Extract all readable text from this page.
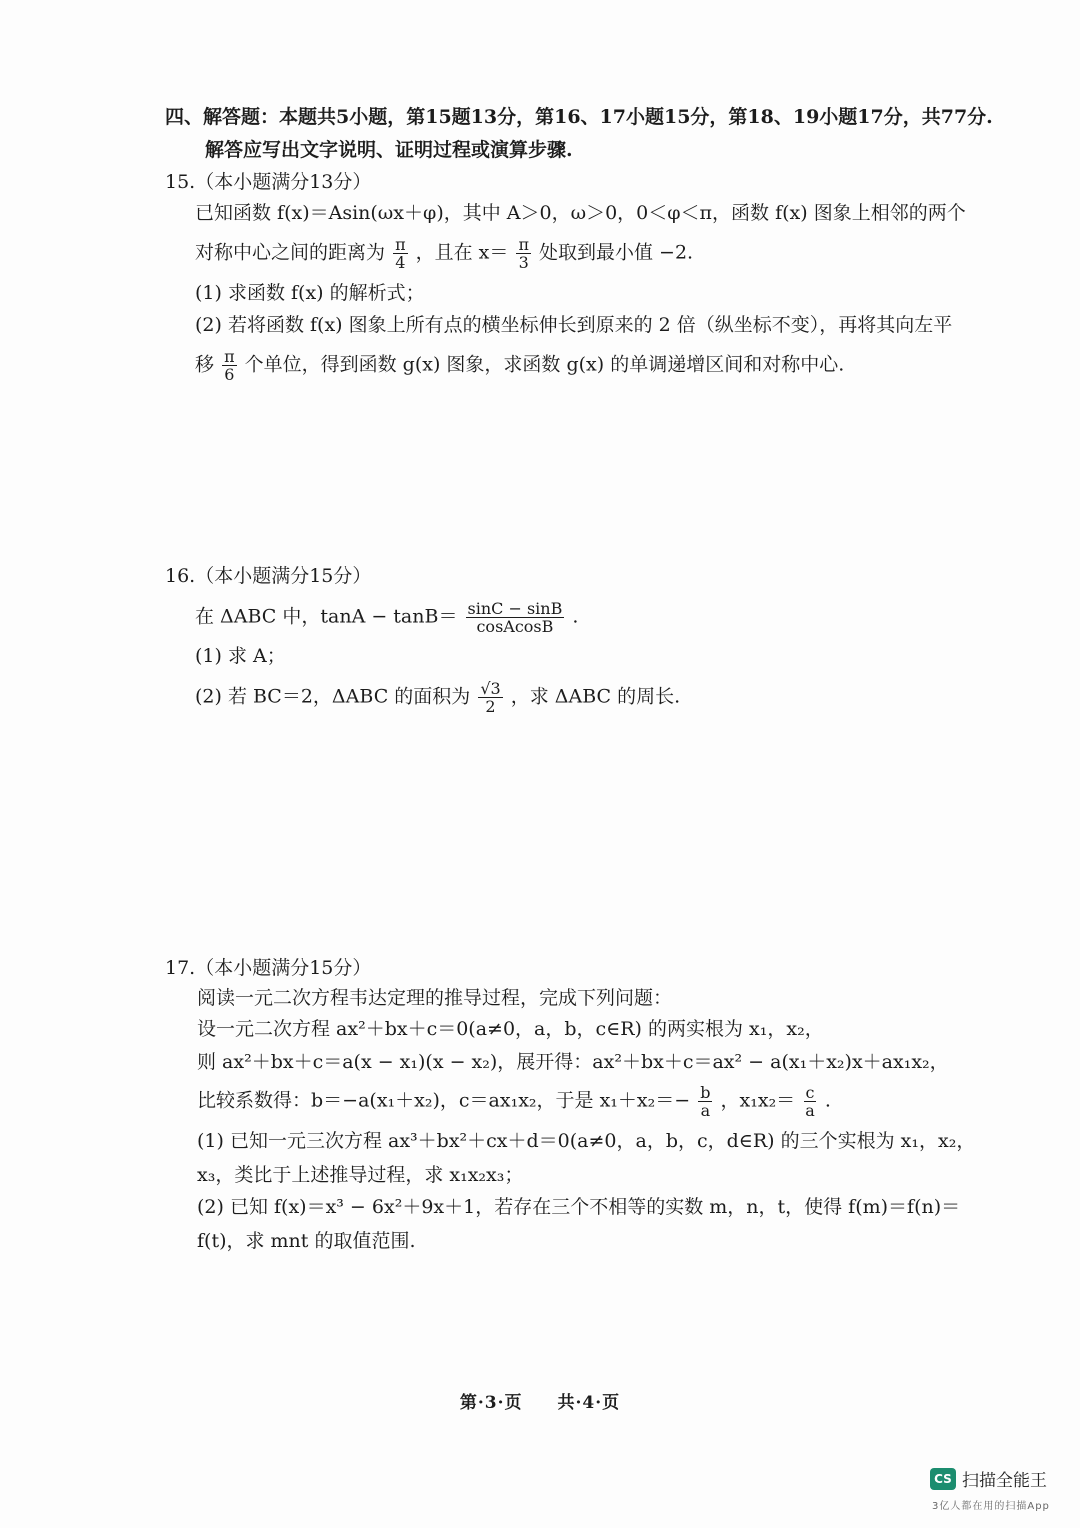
四、解答题：本题共5小题，第15题13分，第16、17小题15分，第18、19小题17分，共77分.
解答应写出文字说明、证明过程或演算步骤.
15.（本小题满分13分）
已知函数 f(x)＝Asin(ωx＋φ)，其中 A＞0，ω＞0，0＜φ＜π，函数 f(x) 图象上相邻的两个
对称中心之间的距离为 $\frac{\pi}{4}$ ，且在 $x= \frac{\pi}{3}$ 处取到最小值 −2.
(1) 求函数 f(x) 的解析式；
(2) 若将函数 f(x) 图象上所有点的横坐标伸长到原来的 2 倍（纵坐标不变），再将其向左平
移 $\frac{\pi}{6}$ 个单位，得到函数 g(x) 图象，求函数 g(x) 的单调递增区间和对称中心.
16.（本小题满分15分）
在 ΔABC 中，$\tan A - \tan B= \frac{\sin C - \sin B}{\text{cosAcosB}}$ .
(1) 求 A；
(2) 若 BC＝2，ΔABC 的面积为 $\frac{√3}{2}$ ，求 ΔABC 的周长.
17.（本小题满分15分）
阅读一元二次方程韦达定理的推导过程，完成下列问题：
设一元二次方程 ax²＋bx＋c＝0(a≠0，a，b，c∈R) 的两实根为 x₁，x₂，
则 ax²＋bx＋c＝a(x − x₁)(x − x₂)，展开得：ax²＋bx＋c＝ax² − a(x₁＋x₂)x＋ax₁x₂，
比较系数得：b＝−a(x₁＋x₂)，c＝ax₁x₂，于是 $x_1+x_2=- \frac{b}{a}$ ，$x_1x_2= \frac{c}{a}$ .
(1) 已知一元三次方程 ax³＋bx²＋cx＋d＝0(a≠0，a，b，c，d∈R) 的三个实根为 x₁，x₂，
x₃，类比于上述推导过程，求 x₁x₂x₃；
(2) 已知 f(x)＝x³ − 6x²＋9x＋1，若存在三个不相等的实数 m，n，t，使得 f(m)＝f(n)＝
f(t)，求 mnt 的取值范围.
第·3·页 共·4·页
CS 扫描全能王
3亿人都在用的扫描App
